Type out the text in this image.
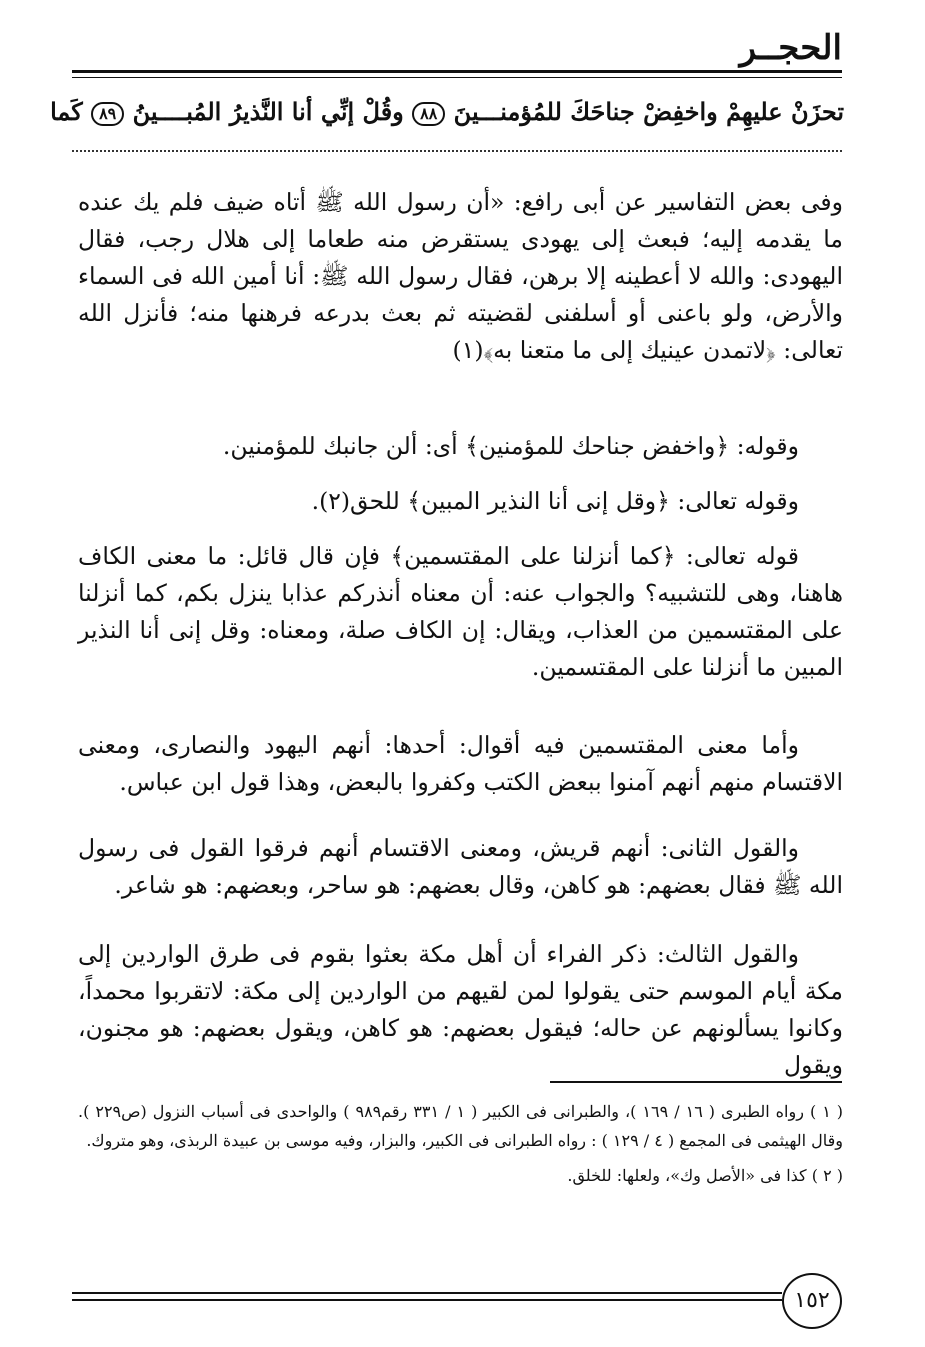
الحجــر
تحزَنْ عليهِمْ واخفِضْ جناحَكَ للمُؤمنـــينَ ٨٨ وقُلْ إنِّي أنا النَّذيرُ المُبــــينُ ٨٩ كَما
وفى بعض التفاسير عن أبى رافع: «أن رسول الله ﷺ أتاه ضيف فلم يك عنده ما يقدمه إليه؛ فبعث إلى يهودى يستقرض منه طعاما إلى هلال رجب، فقال اليهودى: والله لا أعطينه إلا برهن، فقال رسول الله ﷺ: أنا أمين الله فى السماء والأرض، ولو باعنى أو أسلفنى لقضيته ثم بعث بدرعه فرهنها منه؛ فأنزل الله تعالى: ﴿لاتمدن عينيك إلى ما متعنا به﴾(١)
وقوله: ﴿واخفض جناحك للمؤمنين﴾ أى: ألن جانبك للمؤمنين.
وقوله تعالى: ﴿وقل إنى أنا النذير المبين﴾ للحق(٢).
قوله تعالى: ﴿كما أنزلنا على المقتسمين﴾ فإن قال قائل: ما معنى الكاف هاهنا، وهى للتشبيه؟ والجواب عنه: أن معناه أنذركم عذابا ينزل بكم، كما أنزلنا على المقتسمين من العذاب، ويقال: إن الكاف صلة، ومعناه: وقل إنى أنا النذير المبين ما أنزلنا على المقتسمين.
وأما معنى المقتسمين فيه أقوال: أحدها: أنهم اليهود والنصارى، ومعنى الاقتسام منهم أنهم آمنوا ببعض الكتب وكفروا بالبعض، وهذا قول ابن عباس.
والقول الثانى: أنهم قريش، ومعنى الاقتسام أنهم فرقوا القول فى رسول الله ﷺ فقال بعضهم: هو كاهن، وقال بعضهم: هو ساحر، وبعضهم: هو شاعر.
والقول الثالث: ذكر الفراء أن أهل مكة بعثوا بقوم فى طرق الواردين إلى مكة أيام الموسم حتى يقولوا لمن لقيهم من الواردين إلى مكة: لاتقربوا محمداً، وكانوا يسألونهم عن حاله؛ فيقول بعضهم: هو كاهن، ويقول بعضهم: هو مجنون، ويقول

( ١ ) رواه الطبرى ( ١٦ / ١٦٩ )، والطبرانى فى الكبير ( ١ / ٣٣١ رقم٩٨٩ ) والواحدى فى أسباب النزول (ص٢٢٩ ). وقال الهيثمى فى المجمع ( ٤ / ١٢٩ ) : رواه الطبرانى فى الكبير، والبزار، وفيه موسى بن عبيدة الربذى، وهو متروك.

( ٢ ) كذا فى «الأصل وك»، ولعلها: للخلق.

١٥٢
